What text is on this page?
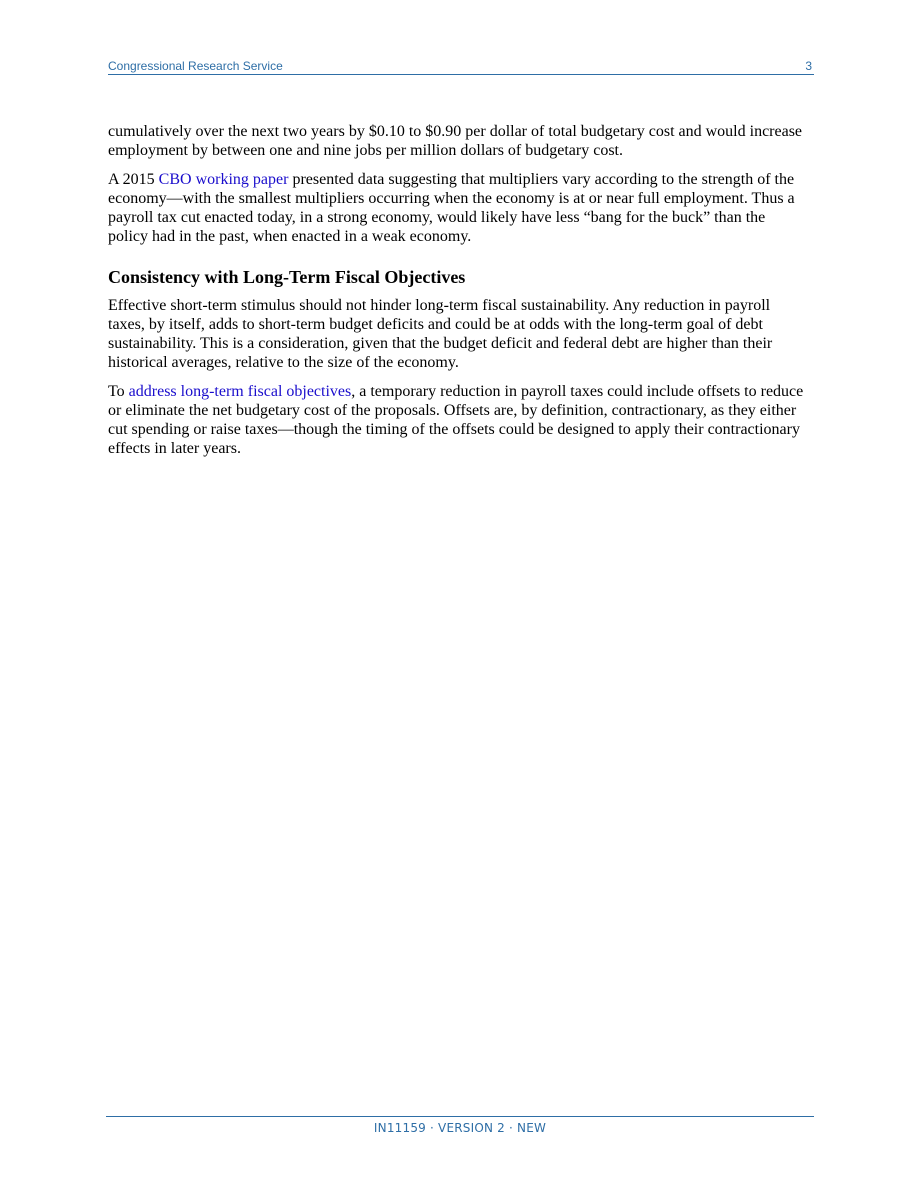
Congressional Research Service	3

cumulatively over the next two years by $0.10 to $0.90 per dollar of total budgetary cost and would increase employment by between one and nine jobs per million dollars of budgetary cost.

A 2015 CBO working paper presented data suggesting that multipliers vary according to the strength of the economy—with the smallest multipliers occurring when the economy is at or near full employment. Thus a payroll tax cut enacted today, in a strong economy, would likely have less “bang for the buck” than the policy had in the past, when enacted in a weak economy.

Consistency with Long-Term Fiscal Objectives

Effective short-term stimulus should not hinder long-term fiscal sustainability. Any reduction in payroll taxes, by itself, adds to short-term budget deficits and could be at odds with the long-term goal of debt sustainability. This is a consideration, given that the budget deficit and federal debt are higher than their historical averages, relative to the size of the economy.

To address long-term fiscal objectives, a temporary reduction in payroll taxes could include offsets to reduce or eliminate the net budgetary cost of the proposals. Offsets are, by definition, contractionary, as they either cut spending or raise taxes—though the timing of the offsets could be designed to apply their contractionary effects in later years.

IN11159 · VERSION 2 · NEW
